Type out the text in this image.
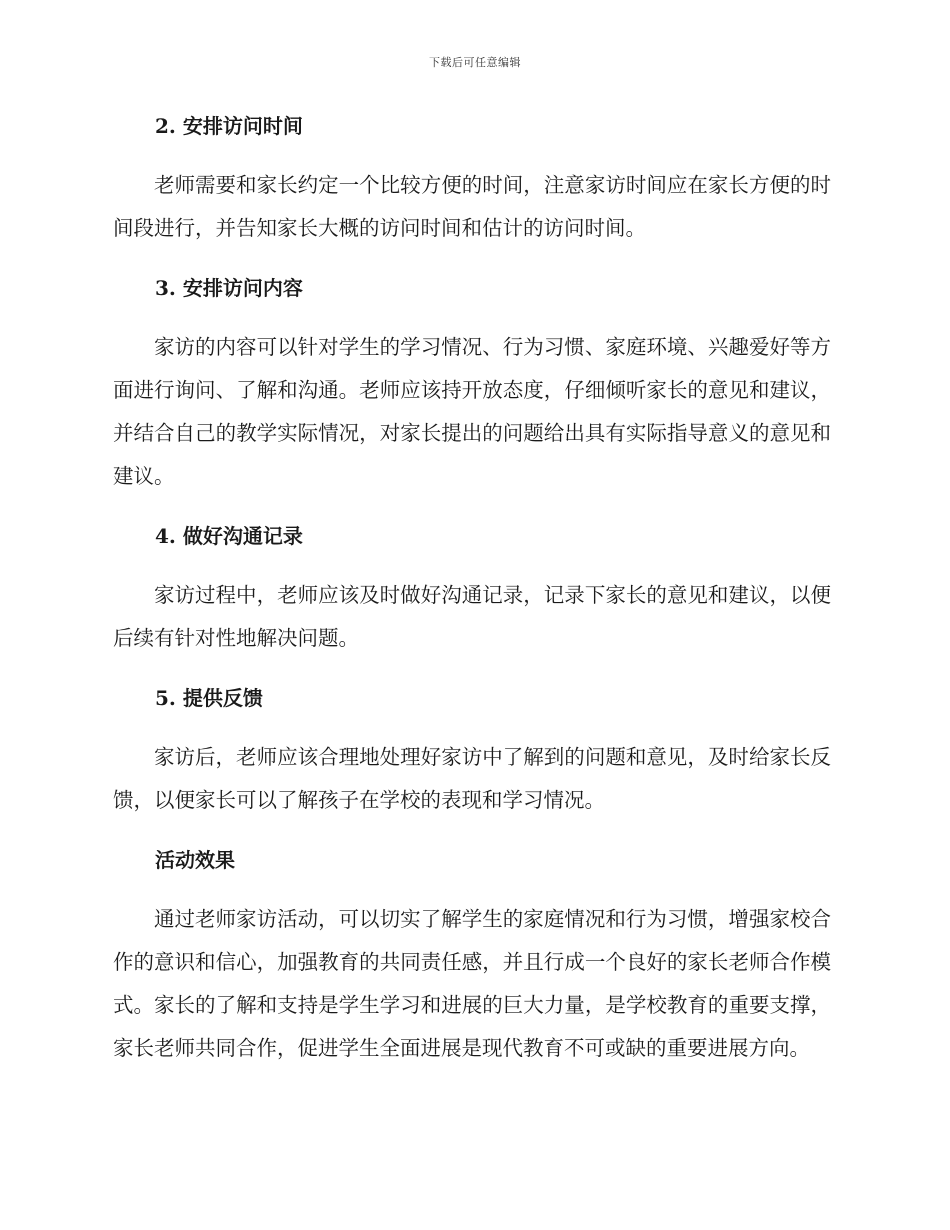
下载后可任意编辑
2. 安排访问时间

老师需要和家长约定一个比较方便的时间，注意家访时间应在家长方便的时间段进行，并告知家长大概的访问时间和估计的访问时间。

3. 安排访问内容

家访的内容可以针对学生的学习情况、行为习惯、家庭环境、兴趣爱好等方面进行询问、了解和沟通。老师应该持开放态度，仔细倾听家长的意见和建议，并结合自己的教学实际情况，对家长提出的问题给出具有实际指导意义的意见和建议。

4. 做好沟通记录

家访过程中，老师应该及时做好沟通记录，记录下家长的意见和建议，以便后续有针对性地解决问题。

5. 提供反馈

家访后，老师应该合理地处理好家访中了解到的问题和意见，及时给家长反馈，以便家长可以了解孩子在学校的表现和学习情况。

活动效果

通过老师家访活动，可以切实了解学生的家庭情况和行为习惯，增强家校合作的意识和信心，加强教育的共同责任感，并且行成一个良好的家长老师合作模式。家长的了解和支持是学生学习和进展的巨大力量，是学校教育的重要支撑，家长老师共同合作，促进学生全面进展是现代教育不可或缺的重要进展方向。
